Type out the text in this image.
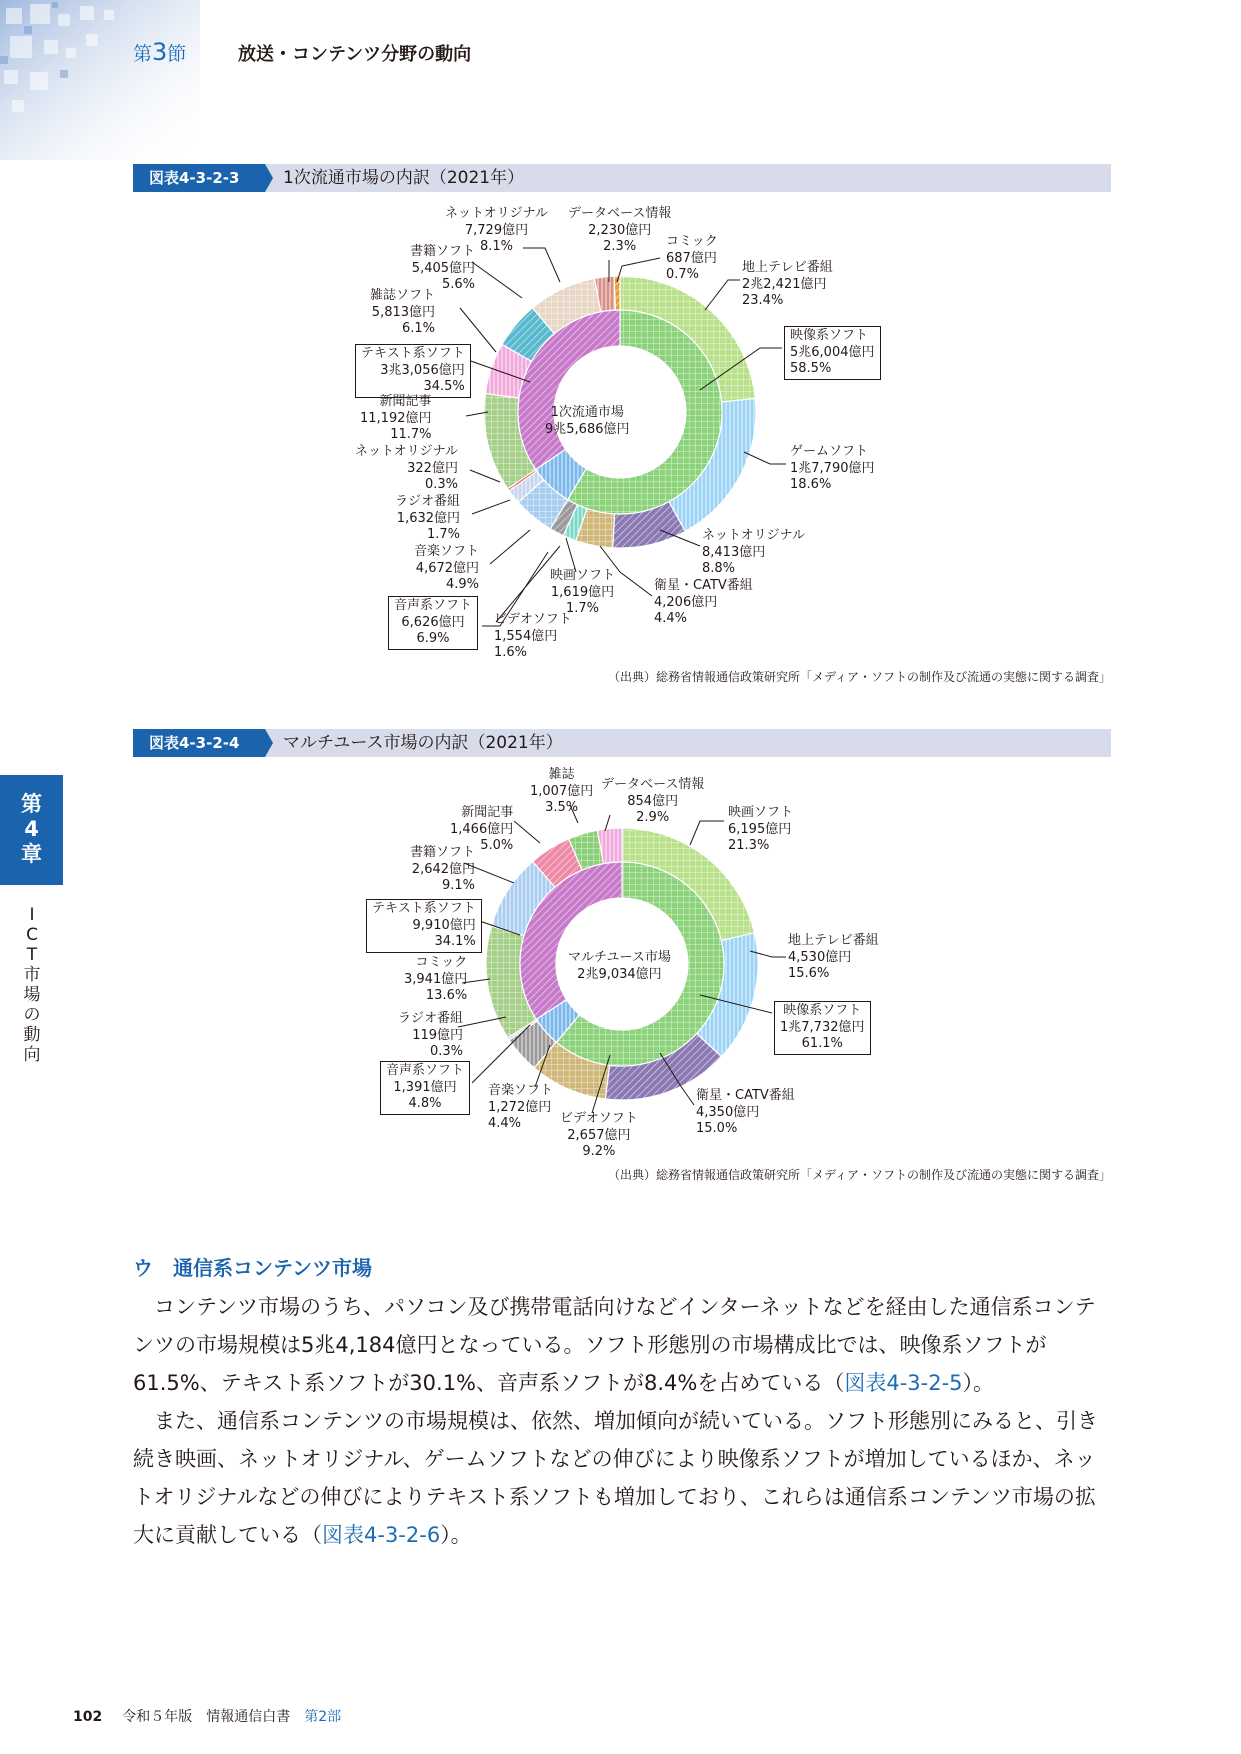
第3節	放送・コンテンツ分野の動向
図表4-3-2-3	1次流通市場の内訳（2021年）
1次流通市場
9兆5,686億円
ネットオリジナル
7,729億円
8.1%
データベース情報
2,230億円
2.3%	コミック
687億円
0.7%
書籍ソフト
5,405億円
5.6%
地上テレビ番組
2兆2,421億円
23.4%
雑誌ソフト
5,813億円
6.1%	映像系ソフト
5兆6,004億円
58.5%
テキスト系ソフト
3兆3,056億円
34.5%
新聞記事
11,192億円
11.7%
ゲームソフト
1兆7,790億円
18.6%
ネットオリジナル
322億円
0.3%
ラジオ番組
1,632億円
1.7%	ネットオリジナル
8,413億円
8.8%
音楽ソフト
4,672億円
4.9%
映画ソフト
1,619億円
1.7%
衛星・CATV番組
4,206億円
4.4%
音声系ソフト
6,626億円
6.9%
ビデオソフト
1,554億円
1.6%
（出典）総務省情報通信政策研究所「メディア・ソフトの制作及び流通の実態に関する調査」
図表4-3-2-4	マルチユース市場の内訳（2021年）
マルチユース市場
2兆9,034億円
雑誌
1,007億円
3.5%
データベース情報
854億円
2.9%
新聞記事
1,466億円
5.0%
映画ソフト
6,195億円
21.3%
書籍ソフト
2,642億円
9.1%
テキスト系ソフト
9,910億円
34.1%	地上テレビ番組
4,530億円
15.6%
コミック
3,941億円
13.6%
映像系ソフト
1兆7,732億円
61.1%
ラジオ番組
119億円
0.3%
音声系ソフト
1,391億円
4.8%
音楽ソフト
1,272億円
4.4%
衛星・CATV番組
4,350億円
15.0%
ビデオソフト
2,657億円
9.2%
（出典）総務省情報通信政策研究所「メディア・ソフトの制作及び流通の実態に関する調査」
第
4
章
I
C
T
市
場
の
動
向
ウ　通信系コンテンツ市場

コンテンツ市場のうち、パソコン及び携帯電話向けなどインターネットなどを経由した通信系コンテンツの市場規模は5兆4,184億円となっている。ソフト形態別の市場構成比では、映像系ソフトが61.5%、テキスト系ソフトが30.1%、音声系ソフトが8.4%を占めている（図表4-3-2-5）。

また、通信系コンテンツの市場規模は、依然、増加傾向が続いている。ソフト形態別にみると、引き続き映画、ネットオリジナル、ゲームソフトなどの伸びにより映像系ソフトが増加しているほか、ネットオリジナルなどの伸びによりテキスト系ソフトも増加しており、これらは通信系コンテンツ市場の拡大に貢献している（図表4-3-2-6）。

102 令和５年版　情報通信白書 第2部
